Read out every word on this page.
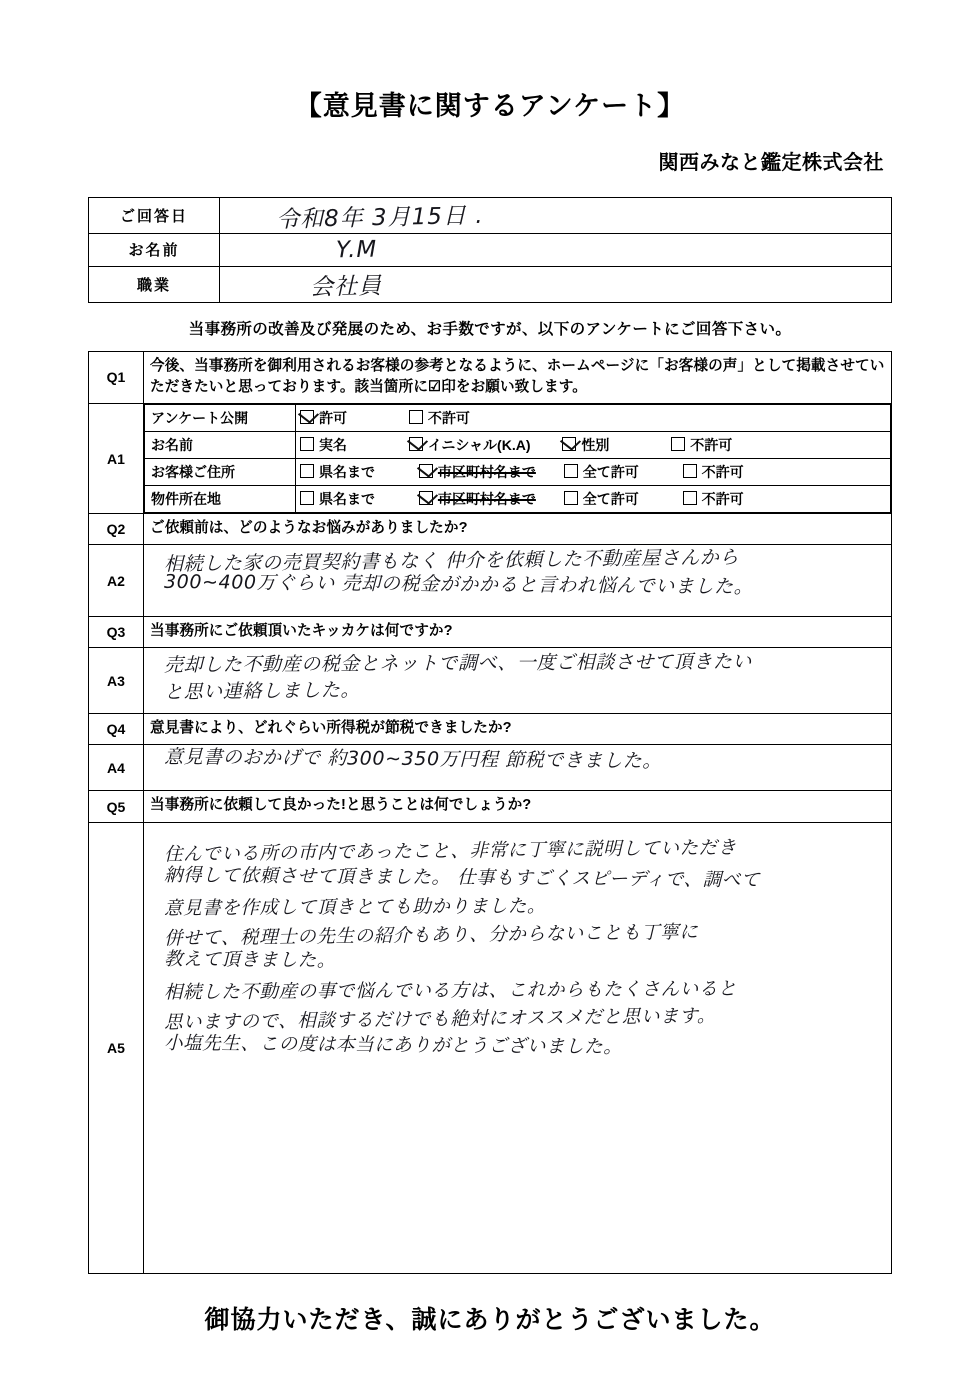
【意見書に関するアンケート】
関西みなと鑑定株式会社
ご回答日	令和8年 3月15日 .
お名前	Y.M
職業	会社員
当事務所の改善及び発展のため、お手数ですが、以下のアンケートにご回答下さい。
Q1	今後、当事務所を御利用されるお客様の参考となるように、ホームページに「お客様の声」として掲載させていただきたいと思っております。該当箇所に☑印をお願い致します。
A1	
アンケート公開	許可	不許可
お名前	実名	イニシャル(K.A)	性別	不許可
お客様ご住所	県名まで	市区町村名まで	全て許可	不許可
物件所在地	県名まで	市区町村名まで	全て許可	不許可

Q2	ご依頼前は、どのようなお悩みがありましたか?
A2	
相続した家の売買契約書もなく 仲介を依頼した不動産屋さんから
300~400万ぐらい 売却の税金がかかると言われ悩んでいました。

Q3	当事務所にご依頼頂いたキッカケは何ですか?
A3	
売却した不動産の税金とネットで調べ、一度ご相談させて頂きたい
と思い連絡しました。

Q4	意見書により、どれぐらい所得税が節税できましたか?
A4	意見書のおかげで 約300~350万円程 節税できました。

Q5	当事務所に依頼して良かった!と思うことは何でしょうか?
A5	
住んでいる所の市内であったこと、非常に丁寧に説明していただき
納得して依頼させて頂きました。 仕事もすごくスピーディで、調べて
意見書を作成して頂きとても助かりました。
併せて、税理士の先生の紹介もあり、分からないことも丁寧に
教えて頂きました。
相続した不動産の事で悩んでいる方は、これからもたくさんいると
思いますので、相談するだけでも絶対にオススメだと思います。
小塩先生、この度は本当にありがとうございました。
御協力いただき、誠にありがとうございました。
